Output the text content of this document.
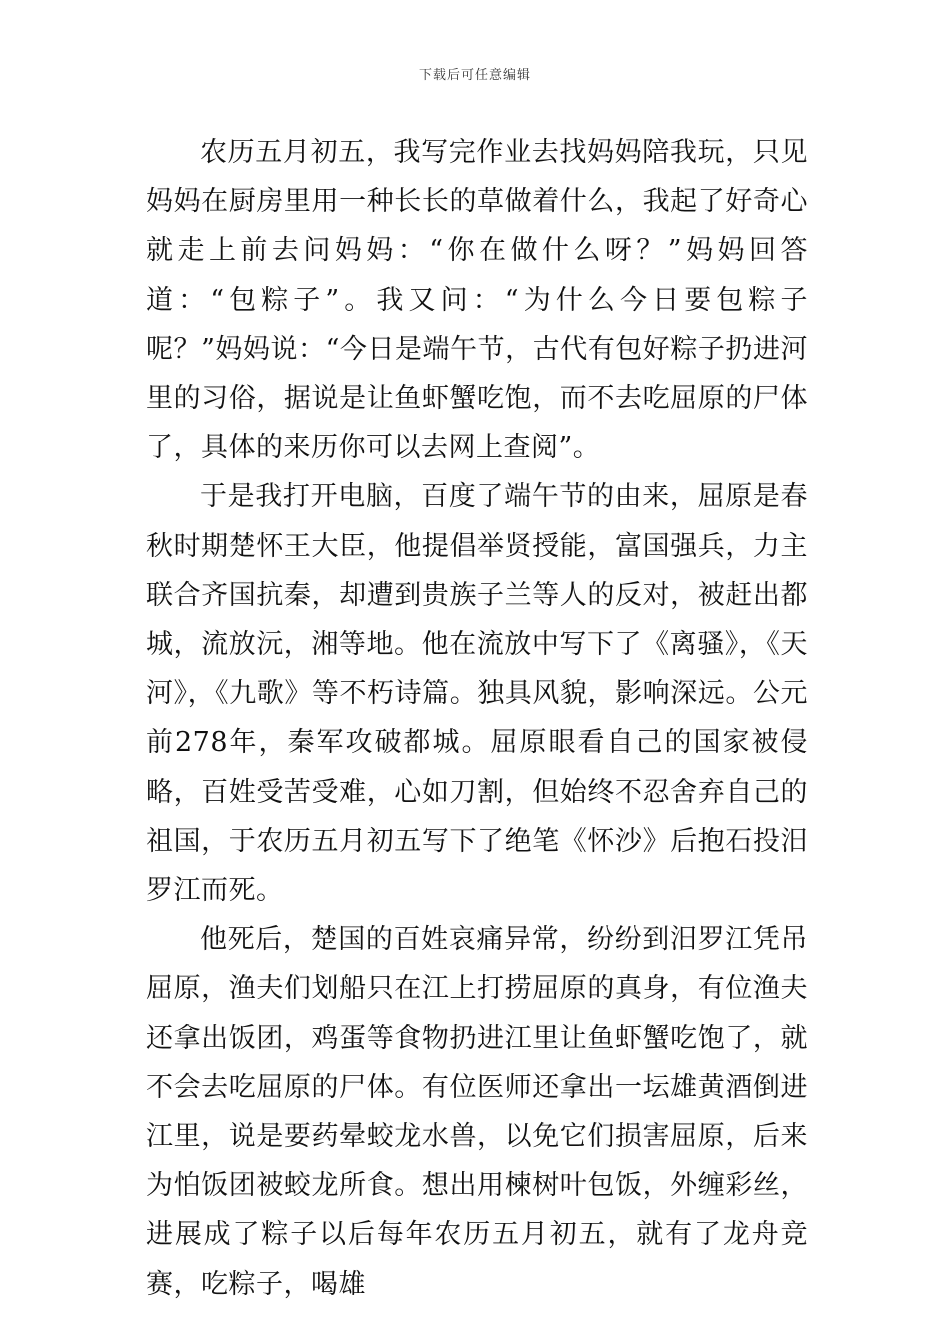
下载后可任意编辑

农历五月初五，我写完作业去找妈妈陪我玩，只见妈妈在厨房里用一种长长的草做着什么，我起了好奇心就走上前去问妈妈：“你在做什么呀？”妈妈回答道：“包粽子”。我又问：“为什么今日要包粽子呢？”妈妈说：“今日是端午节，古代有包好粽子扔进河里的习俗，据说是让鱼虾蟹吃饱，而不去吃屈原的尸体了，具体的来历你可以去网上查阅”。

于是我打开电脑，百度了端午节的由来，屈原是春秋时期楚怀王大臣，他提倡举贤授能，富国强兵，力主联合齐国抗秦，却遭到贵族子兰等人的反对，被赶出都城，流放沅，湘等地。他在流放中写下了《离骚》，《天河》，《九歌》等不朽诗篇。独具风貌，影响深远。公元前278年，秦军攻破都城。屈原眼看自己的国家被侵略，百姓受苦受难，心如刀割，但始终不忍舍弃自己的祖国，于农历五月初五写下了绝笔《怀沙》后抱石投汨罗江而死。

他死后，楚国的百姓哀痛异常，纷纷到汨罗江凭吊屈原，渔夫们划船只在江上打捞屈原的真身，有位渔夫还拿出饭团，鸡蛋等食物扔进江里让鱼虾蟹吃饱了，就不会去吃屈原的尸体。有位医师还拿出一坛雄黄酒倒进江里，说是要药晕蛟龙水兽，以免它们损害屈原，后来为怕饭团被蛟龙所食。想出用楝树叶包饭，外缠彩丝，进展成了粽子以后每年农历五月初五，就有了龙舟竞赛，吃粽子，喝雄
